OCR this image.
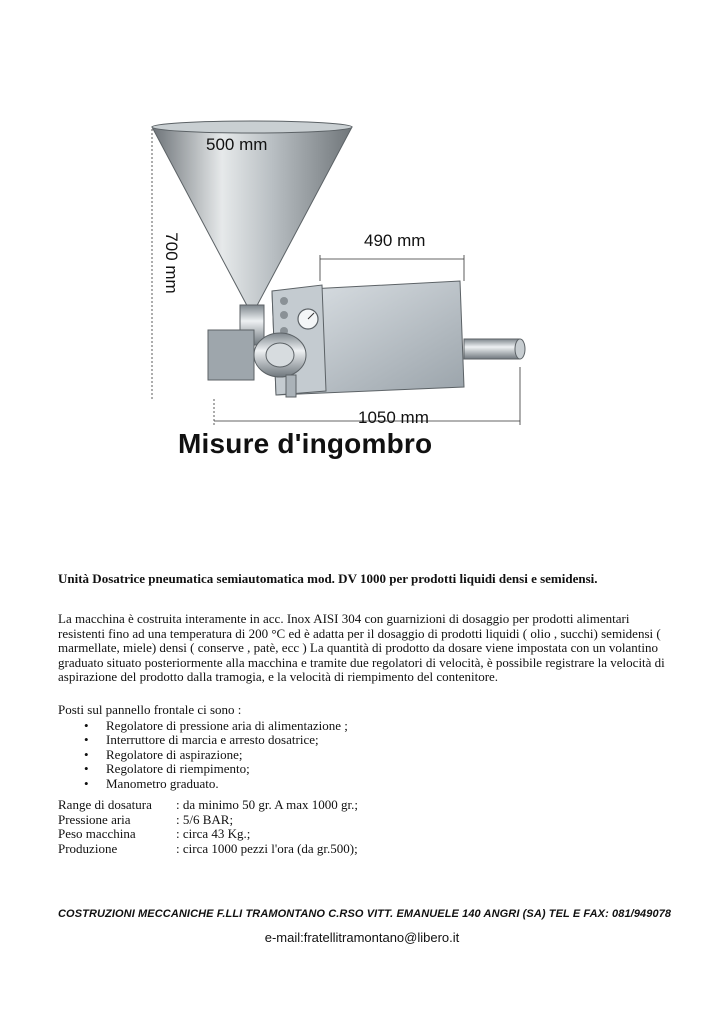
500 mm
490 mm
1050 mm
700 mm
Misure d'ingombro
Unità Dosatrice pneumatica semiautomatica mod. DV 1000 per prodotti liquidi densi e semidensi.
La macchina è costruita interamente in acc. Inox AISI 304 con guarnizioni di dosaggio per prodotti alimentari resistenti fino ad una temperatura di 200 °C ed è adatta per il dosaggio di prodotti liquidi ( olio , succhi) semidensi ( marmellate, miele) densi ( conserve , patè, ecc ) La quantità di prodotto da dosare viene impostata con un volantino graduato situato posteriormente alla macchina e tramite due regolatori di velocità, è possibile registrare la velocità di aspirazione del prodotto dalla tramogia, e la velocità di riempimento del contenitore.
Posti sul pannello frontale ci sono :
• Regolatore di pressione aria di alimentazione ;
• Interruttore di marcia e arresto dosatrice;
• Regolatore di aspirazione;
• Regolatore di riempimento;
• Manometro graduato.
Range di dosatura	: da minimo 50 gr. A max 1000 gr.;
Pressione aria	: 5/6 BAR;
Peso macchina	: circa 43 Kg.;
Produzione	: circa 1000 pezzi l'ora (da gr.500);
COSTRUZIONI MECCANICHE F.LLI TRAMONTANO C.RSO VITT. EMANUELE 140 ANGRI (SA) TEL E FAX: 081/949078
e-mail:fratellitramontano@libero.it
